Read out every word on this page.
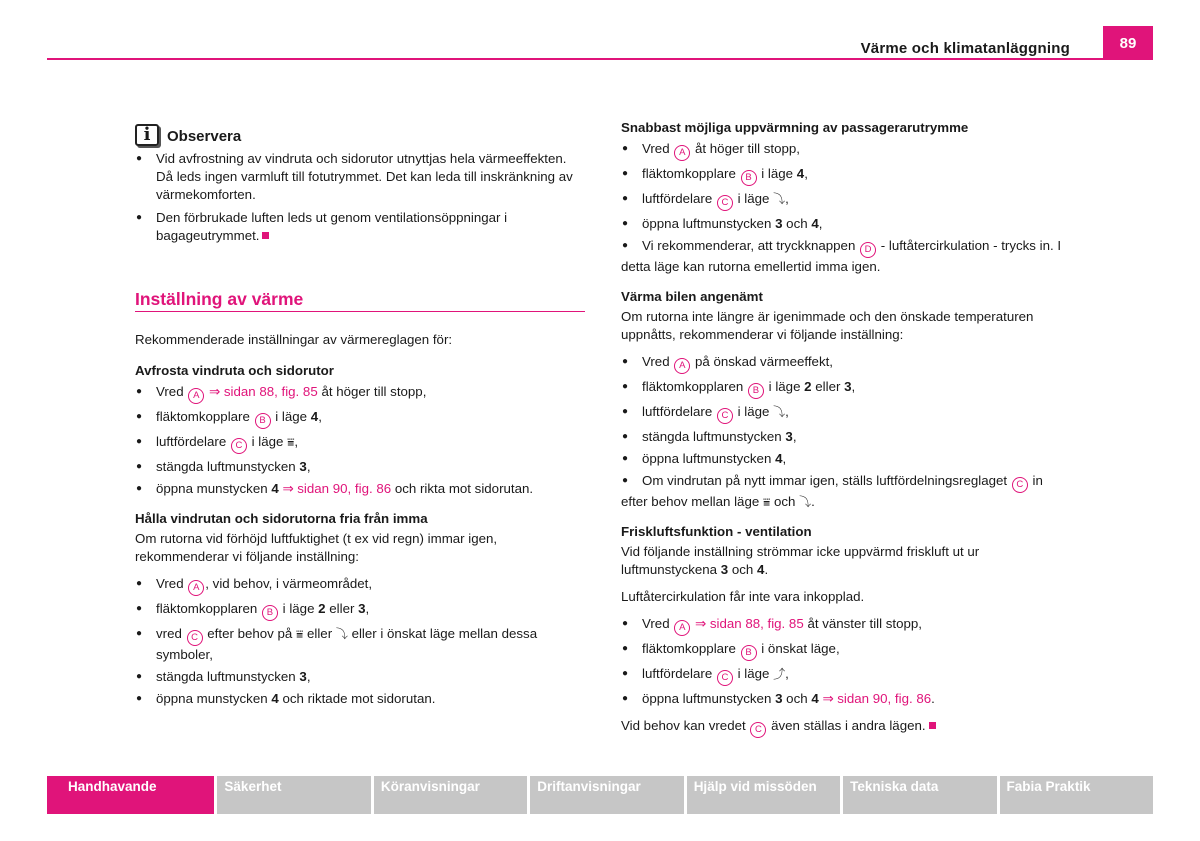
Värme och klimatanläggning	89
i	Observera

● Vid avfrostning av vindruta och sidorutor utnyttjas hela värmeeffekten. Då leds ingen varmluft till fotutrymmet. Det kan leda till inskränkning av värmekomforten.

● Den förbrukade luften leds ut genom ventilationsöppningar i bagageutrymmet.

Inställning av värme

Rekommenderade inställningar av värmereglagen för:

Avfrosta vindruta och sidorutor

● Vred A ⇒ sidan 88, fig. 85 åt höger till stopp,

● fläktomkopplare B i läge 4,

● luftfördelare C i läge ⩸,

● stängda luftmunstycken 3,

● öppna munstycken 4 ⇒ sidan 90, fig. 86 och rikta mot sidorutan.

Hålla vindrutan och sidorutorna fria från imma

Om rutorna vid förhöjd luftfuktighet (t ex vid regn) immar igen, rekommenderar vi följande inställning:

● Vred A , vid behov, i värmeområdet,

● fläktomkopplaren B i läge 2 eller 3,

● vred C efter behov på ⩸ eller ⤵ eller i önskat läge mellan dessa symboler,

● stängda luftmunstycken 3,

● öppna munstycken 4 och riktade mot sidorutan.

Snabbast möjliga uppvärmning av passagerarutrymme

● Vred A åt höger till stopp,

● fläktomkopplare B i läge 4,

● luftfördelare C i läge ⤵,

● öppna luftmunstycken 3 och 4,

● Vi rekommenderar, att tryckknappen D - luftåtercirkulation - trycks in. I detta läge kan rutorna emellertid imma igen.

Värma bilen angenämt

Om rutorna inte längre är igenimmade och den önskade temperaturen uppnåtts, rekommenderar vi följande inställning:

● Vred A på önskad värmeeffekt,

● fläktomkopplaren B i läge 2 eller 3,

● luftfördelare C i läge ⤵,

● stängda luftmunstycken 3,

● öppna luftmunstycken 4,

● Om vindrutan på nytt immar igen, ställs luftfördelningsreglaget C in efter behov mellan läge ⩸ och ⤵.

Friskluftsfunktion - ventilation

Vid följande inställning strömmar icke uppvärmd friskluft ut ur luftmunstyckena 3 och 4.

Luftåtercirkulation får inte vara inkopplad.

● Vred A ⇒ sidan 88, fig. 85 åt vänster till stopp,

● fläktomkopplare B i önskat läge,

● luftfördelare C i läge ⤴,

● öppna luftmunstycken 3 och 4 ⇒ sidan 90, fig. 86.

Vid behov kan vredet C även ställas i andra lägen.

Handhavande	Säkerhet	Köranvisningar	Driftanvisningar	Hjälp vid missöden	Tekniska data	Fabia Praktik
